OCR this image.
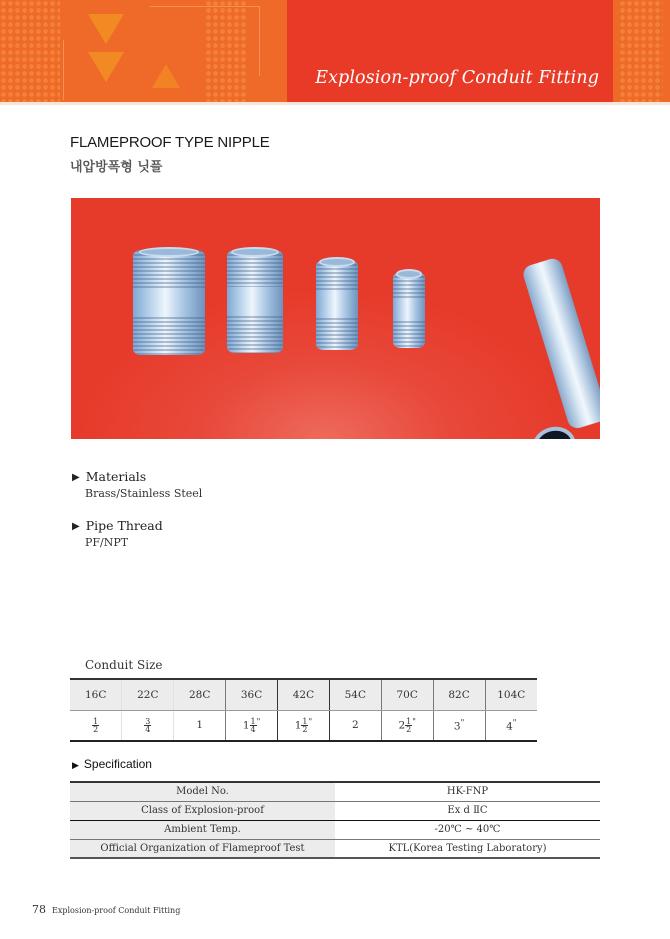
Explosion-proof Conduit Fitting
FLAMEPROOF TYPE NIPPLE
내압방폭형 닛플
▶ Materials
Brass/Stainless Steel
▶ Pipe Thread
PF/NPT
Conduit Size
16C	22C	28C	36C	42C	54C	70C	82C	104C

$\frac{1}{2}$	$\frac{3}{4}$	1	$1 \frac{1}{4} ^"$	$1 \frac{1}{2} ^"$	2	$2 \frac{1}{2} ^"$	3"	4"
▶ Specification
Model No.	HK-FNP
Class of Explosion-proof	Ex d ⅡC
Ambient Temp.	-20℃ ~ 40℃
Official Organization of Flameproof Test	KTL(Korea Testing Laboratory)
78 Explosion-proof Conduit Fitting
